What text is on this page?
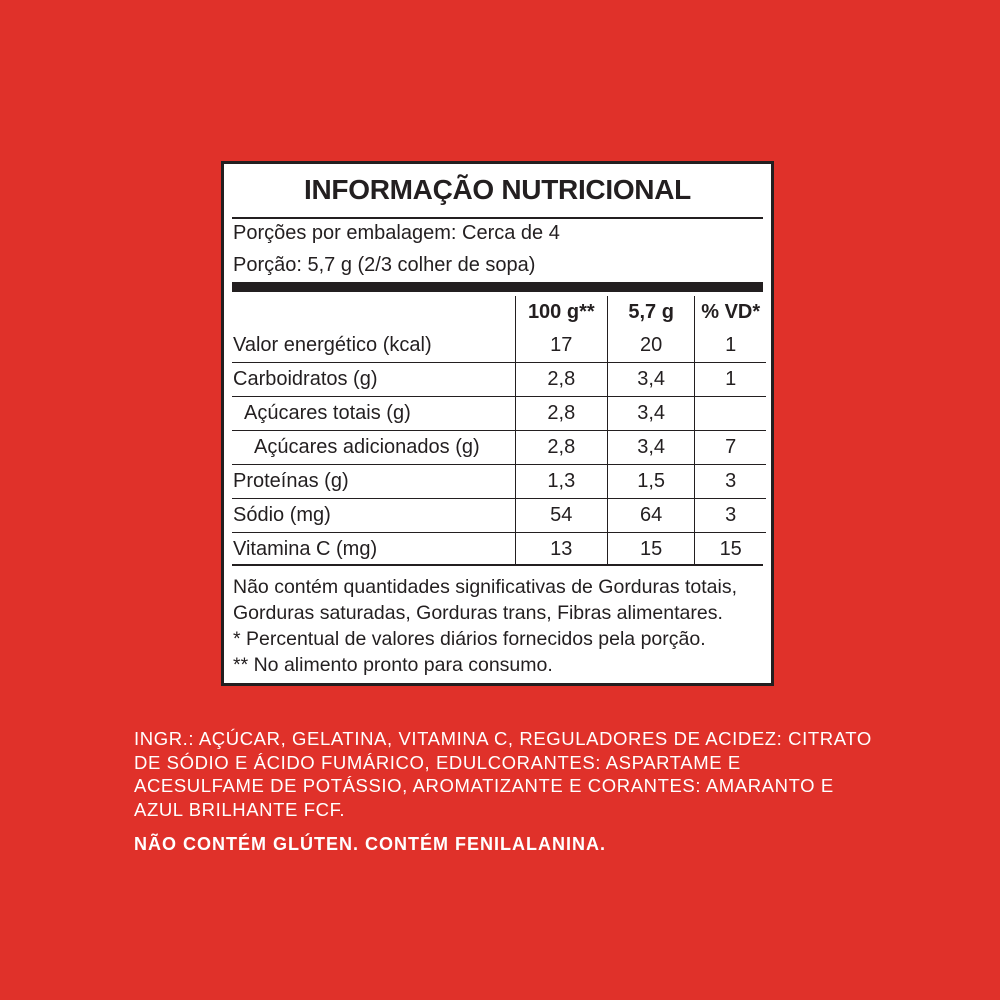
INFORMAÇÃO NUTRICIONAL
Porções por embalagem: Cerca de 4
Porção: 5,7 g (2/3 colher de sopa)
	100 g**	5,7 g	% VD*
Valor energético (kcal)	17	20	1
Carboidratos (g)	2,8	3,4	1
Açúcares totais (g)	2,8	3,4	
Açúcares adicionados (g)	2,8	3,4	7
Proteínas (g)	1,3	1,5	3
Sódio (mg)	54	64	3
Vitamina C (mg)	13	15	15
Não contém quantidades significativas de Gorduras totais,
Gorduras saturadas, Gorduras trans, Fibras alimentares.
* Percentual de valores diários fornecidos pela porção.
** No alimento pronto para consumo.
INGR.: AÇÚCAR, GELATINA, VITAMINA C, REGULADORES DE ACIDEZ: CITRATO DE SÓDIO E ÁCIDO FUMÁRICO, EDULCORANTES: ASPARTAME E ACESULFAME DE POTÁSSIO, AROMATIZANTE E CORANTES: AMARANTO E AZUL BRILHANTE FCF.
NÃO CONTÉM GLÚTEN. CONTÉM FENILALANINA.
